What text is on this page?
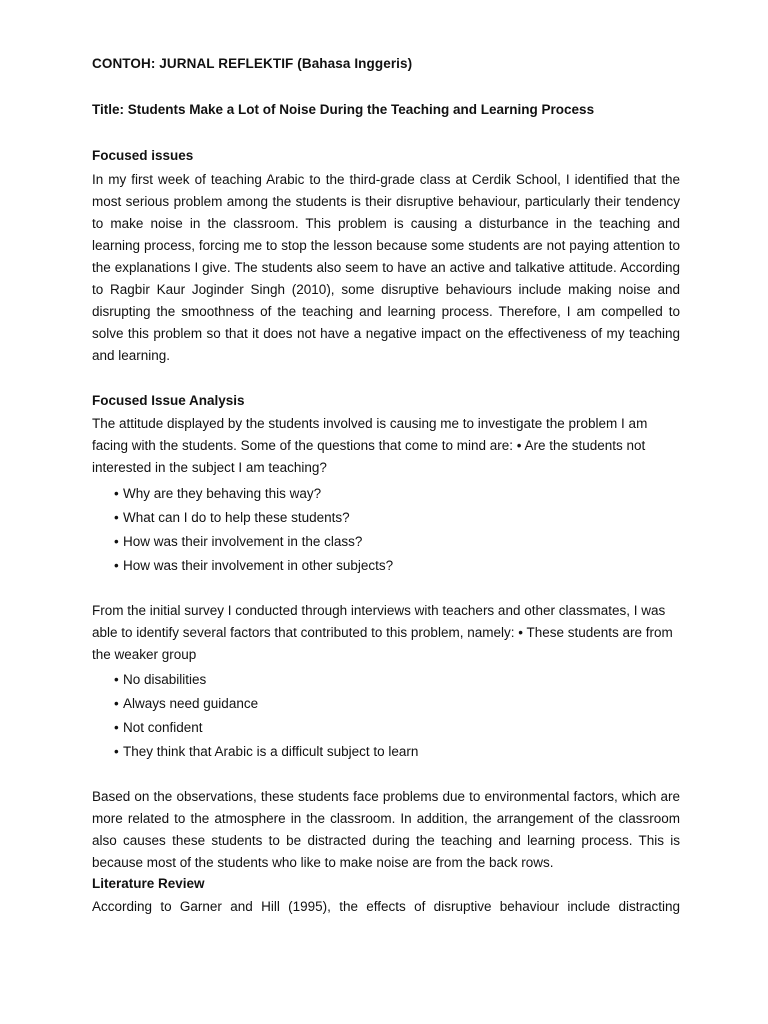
CONTOH: JURNAL REFLEKTIF (Bahasa Inggeris)
Title: Students Make a Lot of Noise During the Teaching and Learning Process
Focused issues

In my first week of teaching Arabic to the third-grade class at Cerdik School, I identified that the most serious problem among the students is their disruptive behaviour, particularly their tendency to make noise in the classroom. This problem is causing a disturbance in the teaching and learning process, forcing me to stop the lesson because some students are not paying attention to the explanations I give. The students also seem to have an active and talkative attitude. According to Ragbir Kaur Joginder Singh (2010), some disruptive behaviours include making noise and disrupting the smoothness of the teaching and learning process. Therefore, I am compelled to solve this problem so that it does not have a negative impact on the effectiveness of my teaching and learning.

Focused Issue Analysis

The attitude displayed by the students involved is causing me to investigate the problem I am facing with the students. Some of the questions that come to mind are: • Are the students not interested in the subject I am teaching?

• Why are they behaving this way?
• What can I do to help these students?
• How was their involvement in the class?
• How was their involvement in other subjects?

From the initial survey I conducted through interviews with teachers and other classmates, I was able to identify several factors that contributed to this problem, namely: • These students are from the weaker group

• No disabilities
• Always need guidance
• Not confident
• They think that Arabic is a difficult subject to learn

Based on the observations, these students face problems due to environmental factors, which are more related to the atmosphere in the classroom. In addition, the arrangement of the classroom also causes these students to be distracted during the teaching and learning process. This is because most of the students who like to make noise are from the back rows.

Literature Review

According to Garner and Hill (1995), the effects of disruptive behaviour include distracting
